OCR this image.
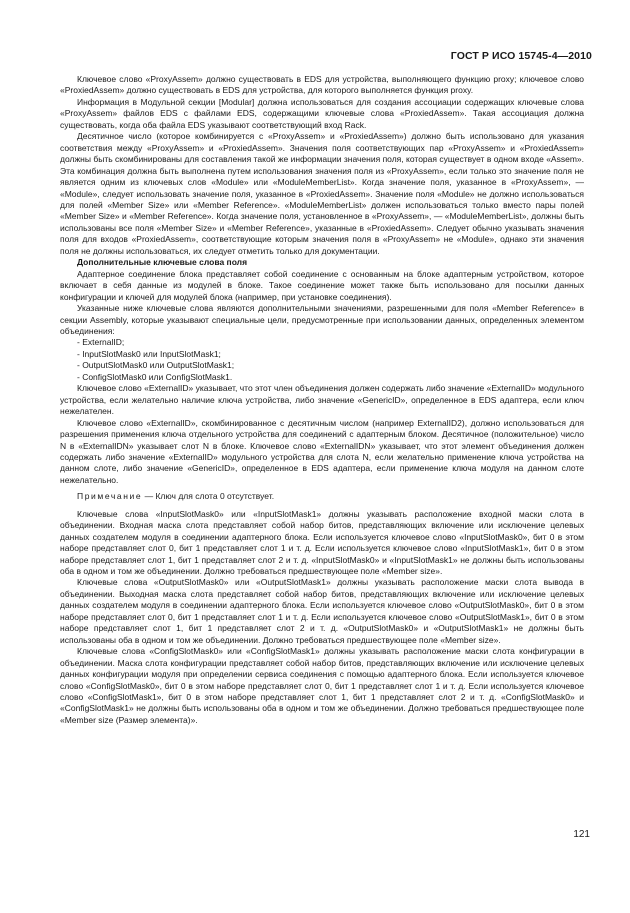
ГОСТ Р ИСО 15745-4—2010

Ключевое слово «ProxyAssem» должно существовать в EDS для устройства, выполняющего функцию proxy; ключевое слово «ProxiedAssem» должно существовать в EDS для устройства, для которого выполняется функция proxy.

Информация в Модульной секции [Modular] должна использоваться для создания ассоциации содержащих ключевые слова «ProxyAssem» файлов EDS с файлами EDS, содержащими ключевые слова «ProxiedAssem». Такая ассоциация должна существовать, когда оба файла EDS указывают соответствующий вход Rack.

Десятичное число (которое комбинируется с «ProxyAssem» и «ProxiedAssem») должно быть использовано для указания соответствия между «ProxyAssem» и «ProxiedAssem». Значения поля соответствующих пар «ProxyAssem» и «ProxiedAssem» должны быть скомбинированы для составления такой же информации значения поля, которая существует в одном входе «Assem». Эта комбинация должна быть выполнена путем использования значения поля из «ProxyAssem», если только это значение поля не является одним из ключевых слов «Module» или «ModuleMemberList». Когда значение поля, указанное в «ProxyAssem», — «Module», следует использовать значение поля, указанное в «ProxiedAssem». Значение поля «Module» не должно использоваться для полей «Member Size» или «Member Reference». «ModuleMemberList» должен использоваться только вместо пары полей «Member Size» и «Member Reference». Когда значение поля, установленное в «ProxyAssem», — «ModuleMemberList», должны быть использованы все поля «Member Size» и «Member Reference», указанные в «ProxiedAssem». Следует обычно указывать значения поля для входов «ProxiedAssem», соответствующие которым значения поля в «ProxyAssem» не «Module», однако эти значения поля не должны использоваться, их следует отметить только для документации.

Дополнительные ключевые слова поля

Адаптерное соединение блока представляет собой соединение с основанным на блоке адаптерным устройством, которое включает в себя данные из модулей в блоке. Такое соединение может также быть использовано для посылки данных конфигурации и ключей для модулей блока (например, при установке соединения).

Указанные ниже ключевые слова являются дополнительными значениями, разрешенными для поля «Member Reference» в секции Assembly, которые указывают специальные цели, предусмотренные при использовании данных, определенных элементом объединения:

- ExternalID;

- InputSlotMask0 или InputSlotMask1;

- OutputSlotMask0 или OutputSlotMask1;

- ConfigSlotMask0 или ConfigSlotMask1.

Ключевое слово «ExternalID» указывает, что этот член объединения должен содержать либо значение «ExternalID» модульного устройства, если желательно наличие ключа устройства, либо значение «GenericID», определенное в EDS адаптера, если ключ нежелателен.

Ключевое слово «ExternalID», скомбинированное с десятичным числом (например ExternalID2), должно использоваться для разрешения применения ключа отдельного устройства для соединений с адаптерным блоком. Десятичное (положительное) число N в «ExternalIDN» указывает слот N в блоке. Ключевое слово «ExternalIDN» указывает, что этот элемент объединения должен содержать либо значение «ExternalID» модульного устройства для слота N, если желательно применение ключа устройства на данном слоте, либо значение «GenericID», определенное в EDS адаптера, если применение ключа модуля на данном слоте нежелательно.

Примечание — Ключ для слота 0 отсутствует.

Ключевые слова «InputSlotMask0» или «InputSlotMask1» должны указывать расположение входной маски слота в объединении. Входная маска слота представляет собой набор битов, представляющих включение или исключение целевых данных создателем модуля в соединении адаптерного блока. Если используется ключевое слово «InputSlotMask0», бит 0 в этом наборе представляет слот 0, бит 1 представляет слот 1 и т. д. Если используется ключевое слово «InputSlotMask1», бит 0 в этом наборе представляет слот 1, бит 1 представляет слот 2 и т. д. «InputSlotMask0» и «InputSlotMask1» не должны быть использованы оба в одном и том же объединении. Должно требоваться предшествующее поле «Member size».

Ключевые слова «OutputSlotMask0» или «OutputSlotMask1» должны указывать расположение маски слота вывода в объединении. Выходная маска слота представляет собой набор битов, представляющих включение или исключение целевых данных создателем модуля в соединении адаптерного блока. Если используется ключевое слово «OutputSlotMask0», бит 0 в этом наборе представляет слот 0, бит 1 представляет слот 1 и т. д. Если используется ключевое слово «OutputSlotMask1», бит 0 в этом наборе представляет слот 1, бит 1 представляет слот 2 и т. д. «OutputSlotMask0» и «OutputSlotMask1» не должны быть использованы оба в одном и том же объединении. Должно требоваться предшествующее поле «Member size».

Ключевые слова «ConfigSlotMask0» или «ConfigSlotMask1» должны указывать расположение маски слота конфигурации в объединении. Маска слота конфигурации представляет собой набор битов, представляющих включение или исключение целевых данных конфигурации модуля при определении сервиса соединения с помощью адаптерного блока. Если используется ключевое слово «ConfigSlotMask0», бит 0 в этом наборе представляет слот 0, бит 1 представляет слот 1 и т. д. Если используется ключевое слово «ConfigSlotMask1», бит 0 в этом наборе представляет слот 1, бит 1 представляет слот 2 и т. д. «ConfigSlotMask0» и «ConfigSlotMask1» не должны быть использованы оба в одном и том же объединении. Должно требоваться предшествующее поле «Member size (Размер элемента)».

121
